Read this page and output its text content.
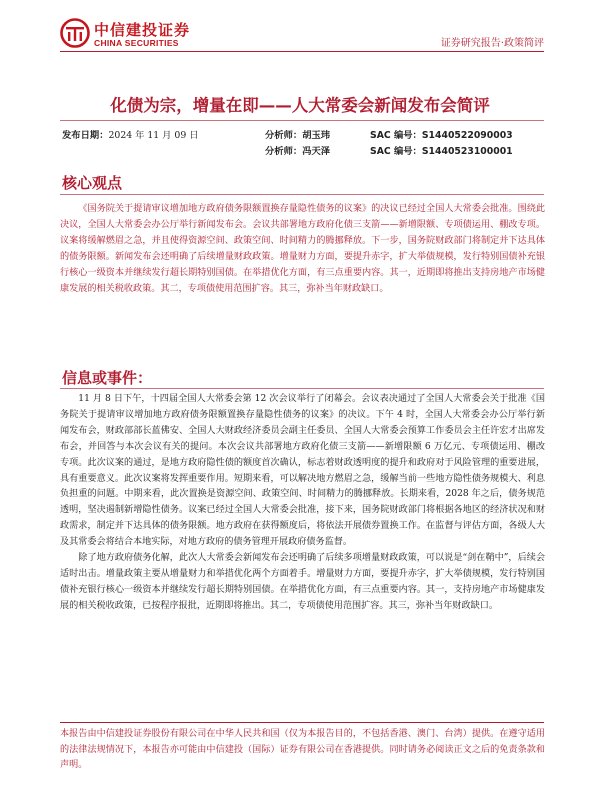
中信建投证券
CHINA SECURITIES	证券研究报告·政策简评
化债为宗，增量在即——人大常委会新闻发布会简评
发布日期：2024 年 11 月 09 日	分析师：胡玉玮	SAC 编号：S1440522090003
分析师：冯天泽	SAC 编号：S1440523100001
核心观点

《国务院关于提请审议增加地方政府债务限额置换存量隐性债务的议案》的决议已经过全国人大常委会批准。围绕此决议，全国人大常委会办公厅举行新闻发布会。会议共部署地方政府化债三支箭——新增限额、专项债运用、棚改专项。议案将缓解燃眉之急，并且使得资源空间、政策空间、时间精力的腾挪释放。下一步，国务院财政部门将制定并下达具体的债务限额。新闻发布会还明确了后续增量财政政策。增量财力方面，要提升赤字，扩大举债规模，发行特别国债补充银行核心一级资本并继续发行超长期特别国债。在举措优化方面，有三点重要内容。其一，近期即将推出支持房地产市场健康发展的相关税收政策。其二，专项债使用范围扩容。其三，弥补当年财政缺口。

信息或事件：

11 月 8 日下午，十四届全国人大常委会第 12 次会议举行了闭幕会。会议表决通过了全国人大常委会关于批准《国务院关于提请审议增加地方政府债务限额置换存量隐性债务的议案》的决议。下午 4 时，全国人大常委会办公厅举行新闻发布会，财政部部长蓝佛安、全国人大财政经济委员会副主任委员、全国人大常委会预算工作委员会主任许宏才出席发布会，并回答与本次会议有关的提问。本次会议共部署地方政府化债三支箭——新增限额 6 万亿元、专项债运用、棚改专项。此次议案的通过，是地方政府隐性债的额度首次确认，标志着财政透明度的提升和政府对于风险管理的重要进展，具有重要意义。此次议案将发挥重要作用。短期来看，可以解决地方燃眉之急，缓解当前一些地方隐性债务规模大、利息负担重的问题。中期来看，此次置换是资源空间、政策空间、时间精力的腾挪释放。长期来看，2028 年之后，债务规范透明，坚决遏制新增隐性债务。议案已经过全国人大常委会批准，接下来，国务院财政部门将根据各地区的经济状况和财政需求，制定并下达具体的债务限额。地方政府在获得额度后，将依法开展债券置换工作。在监督与评估方面，各级人大及其常委会将结合本地实际，对地方政府的债务管理开展政府债务监督。

除了地方政府债务化解，此次人大常委会新闻发布会还明确了后续多项增量财政政策，可以说是“剑在鞘中”，后续会适时出击。增量政策主要从增量财力和举措优化两个方面着手。增量财力方面，要提升赤字，扩大举债规模，发行特别国债补充银行核心一级资本并继续发行超长期特别国债。在举措优化方面，有三点重要内容。其一，支持房地产市场健康发展的相关税收政策，已按程序报批，近期即将推出。其二，专项债使用范围扩容。其三，弥补当年财政缺口。

本报告由中信建投证券股份有限公司在中华人民共和国（仅为本报告目的，不包括香港、澳门、台湾）提供。在遵守适用的法律法规情况下，本报告亦可能由中信建投（国际）证券有限公司在香港提供。同时请务必阅读正文之后的免责条款和声明。
